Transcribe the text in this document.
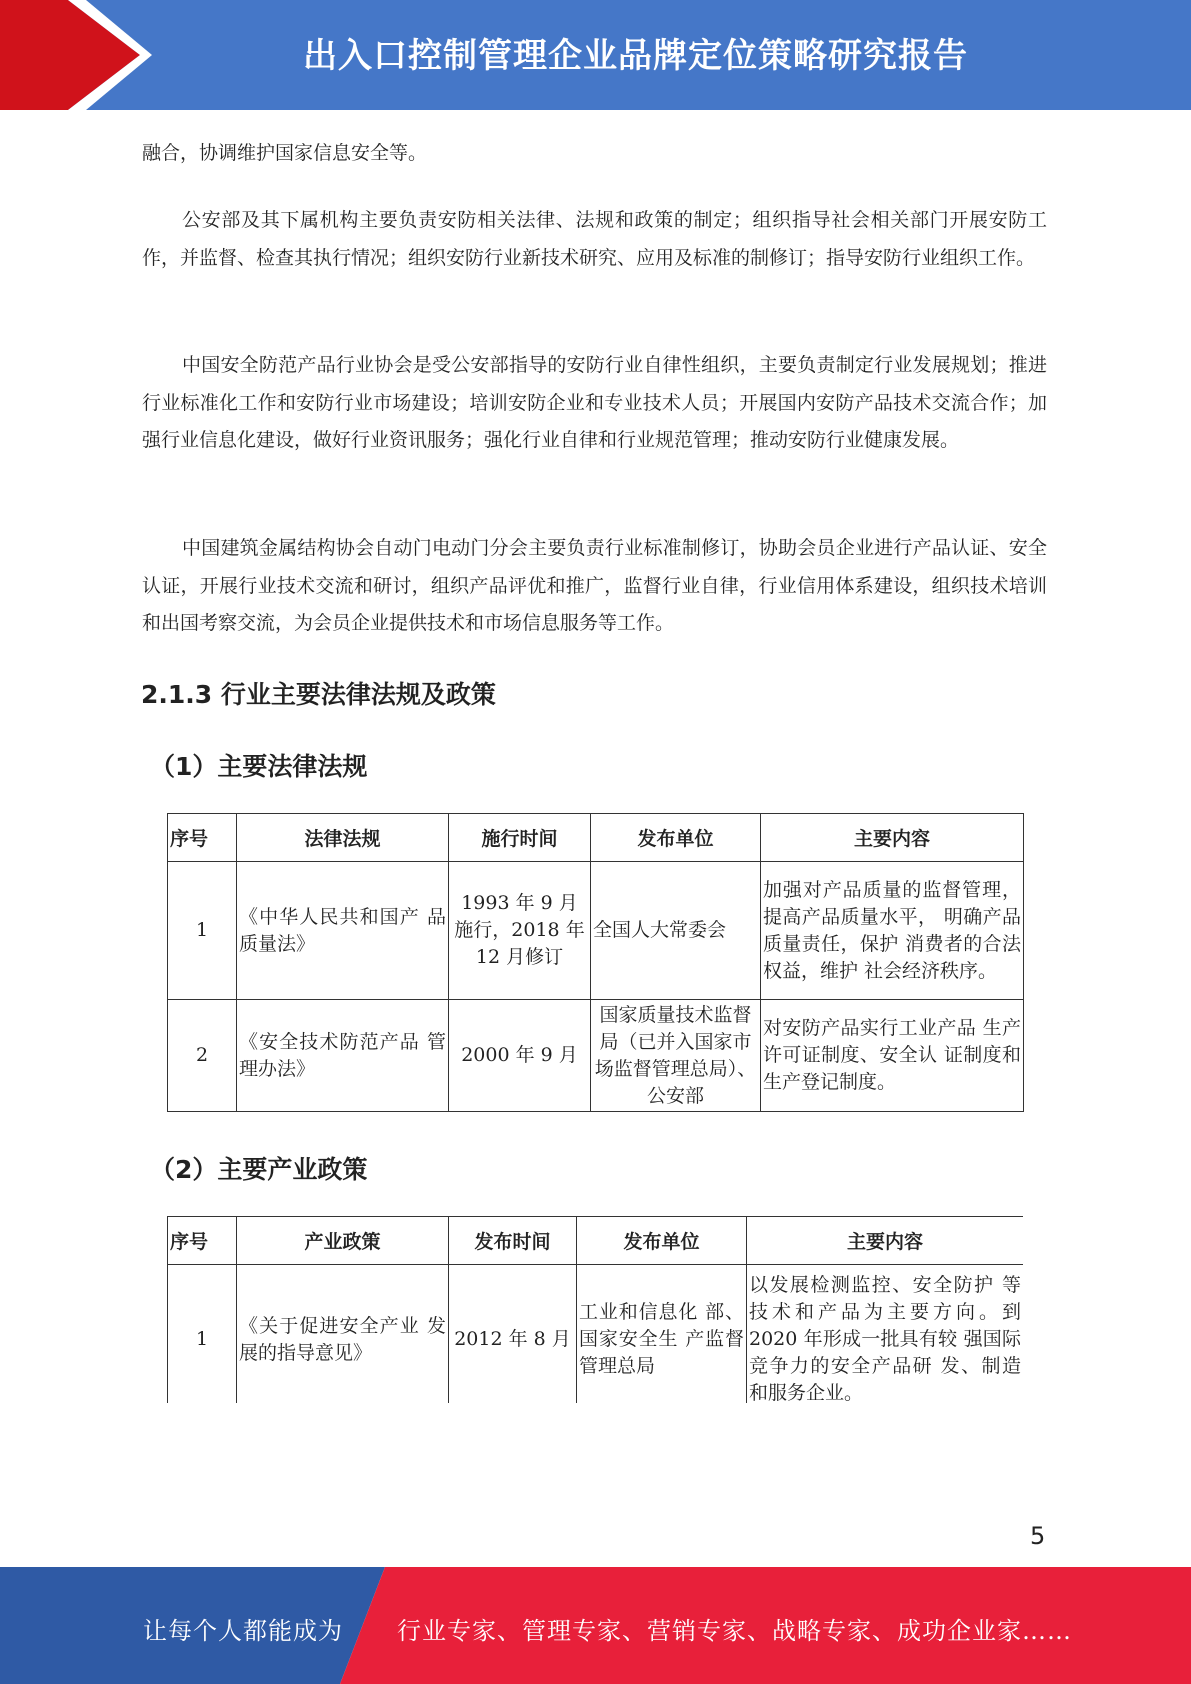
出入口控制管理企业品牌定位策略研究报告

融合，协调维护国家信息安全等。

公安部及其下属机构主要负责安防相关法律、法规和政策的制定；组织指导社会相关部门开展安防工作，并监督、检查其执行情况；组织安防行业新技术研究、应用及标准的制修订；指导安防行业组织工作。

中国安全防范产品行业协会是受公安部指导的安防行业自律性组织，主要负责制定行业发展规划；推进行业标准化工作和安防行业市场建设；培训安防企业和专业技术人员；开展国内安防产品技术交流合作；加强行业信息化建设，做好行业资讯服务；强化行业自律和行业规范管理；推动安防行业健康发展。

中国建筑金属结构协会自动门电动门分会主要负责行业标准制修订，协助会员企业进行产品认证、安全认证，开展行业技术交流和研讨，组织产品评优和推广，监督行业自律，行业信用体系建设，组织技术培训和出国考察交流，为会员企业提供技术和市场信息服务等工作。

2.1.3 行业主要法律法规及政策
（1）主要法律法规
序号	法律法规	施行时间	发布单位	主要内容
1	《中华人民共和国产 品质量法》	1993 年 9 月 施行，2018 年 12 月修订	全国人大常委会	加强对产品质量的监督管理，提高产品质量水平， 明确产品质量责任，保护 消费者的合法权益，维护 社会经济秩序。
2	《安全技术防范产品 管理办法》	2000 年 9 月	国家质量技术监督局（已并入国家市场监督管理总局）、公安部	对安防产品实行工业产品 生产许可证制度、安全认 证制度和生产登记制度。
（2）主要产业政策
序号	产业政策	发布时间	发布单位	主要内容
1	《关于促进安全产业 发展的指导意见》	2012 年 8 月	工业和信息化 部、国家安全生 产监督管理总局	以发展检测监控、安全防护 等技术和产品为主要方向。到 2020 年形成一批具有较 强国际竞争力的安全产品研 发、制造和服务企业。
5
让每个人都能成为 行业专家、管理专家、营销专家、战略专家、成功企业家……
